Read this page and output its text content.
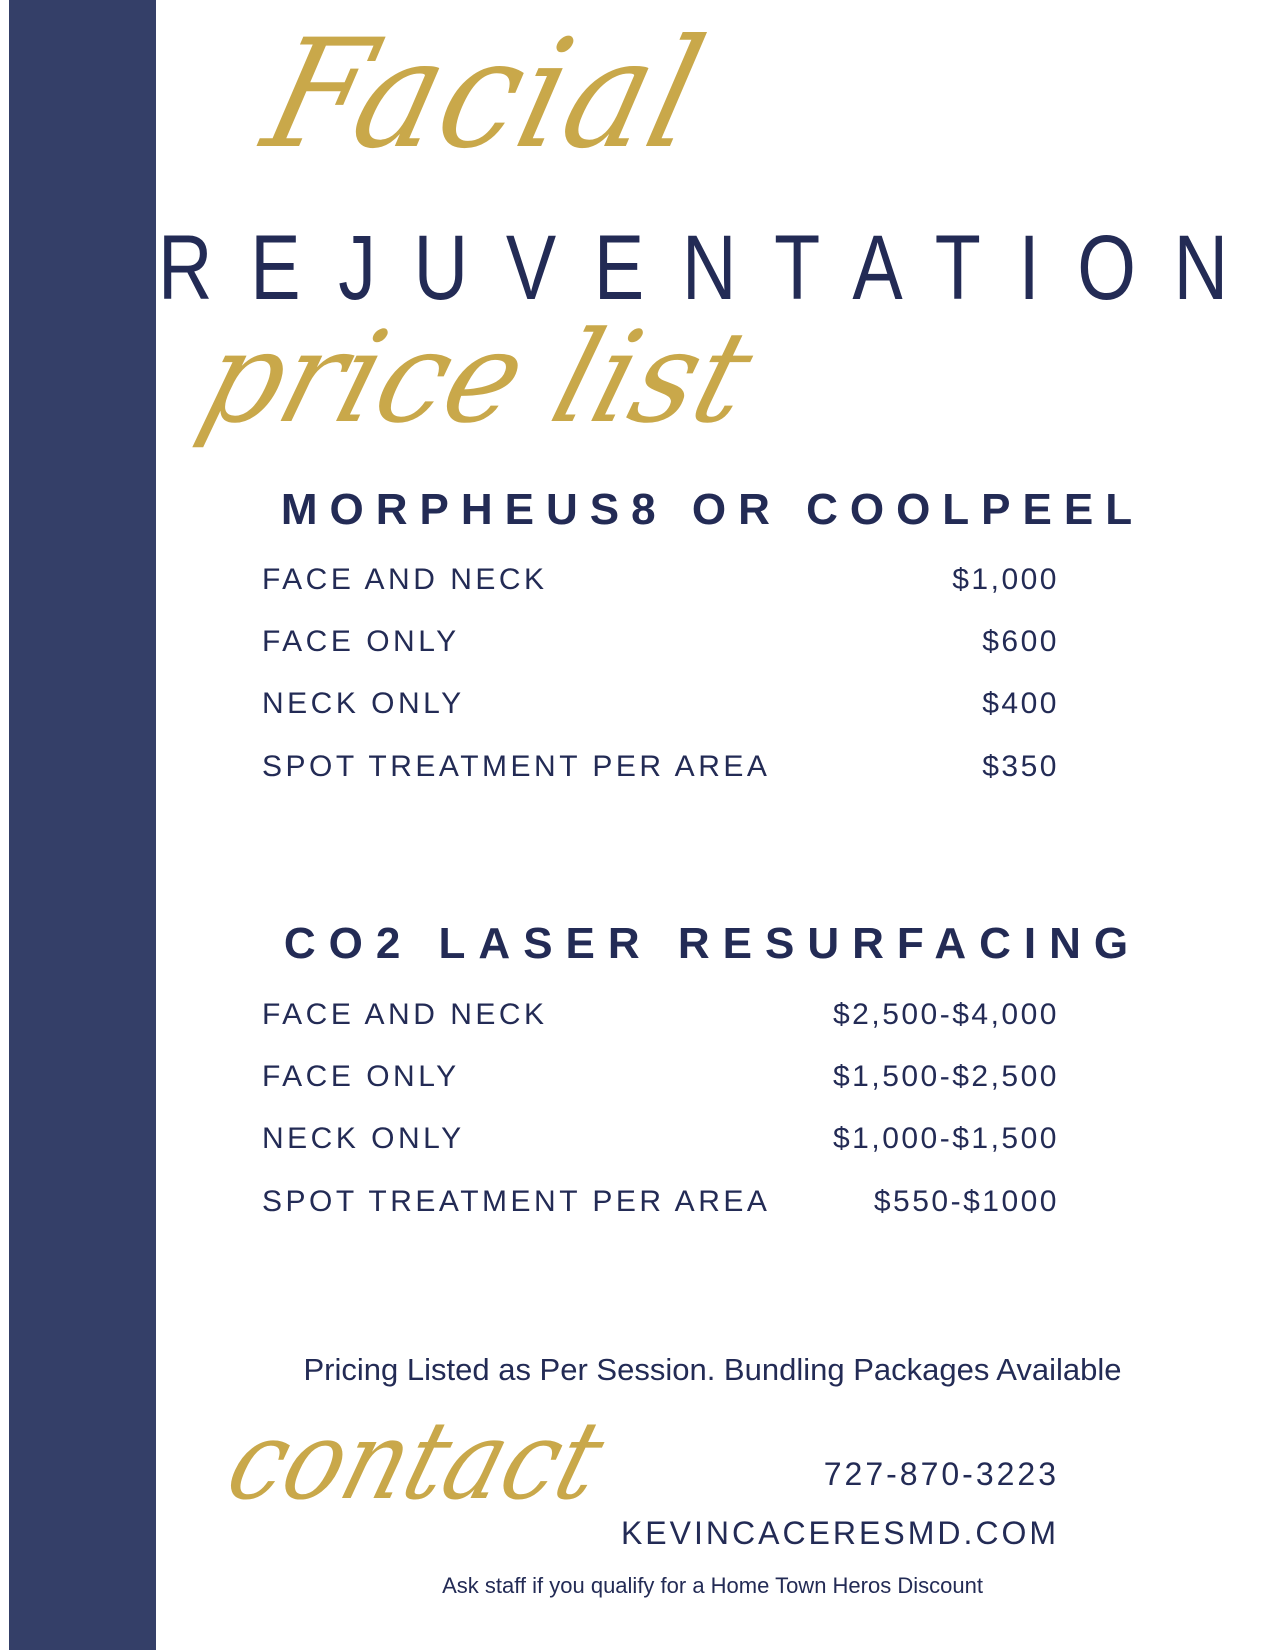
Facial
REJUVENTATION
price list
MORPHEUS8 OR COOLPEEL
FACE AND NECK	$1,000
FACE ONLY	$600
NECK ONLY	$400
SPOT TREATMENT PER AREA	$350
CO2 LASER RESURFACING
FACE AND NECK	$2,500-$4,000
FACE ONLY	$1,500-$2,500
NECK ONLY	$1,000-$1,500
SPOT TREATMENT PER AREA	$550-$1000
Pricing Listed as Per Session. Bundling Packages Available
contact	727-870-3223
KEVINCACERESMD.COM
Ask staff if you qualify for a Home Town Heros Discount
